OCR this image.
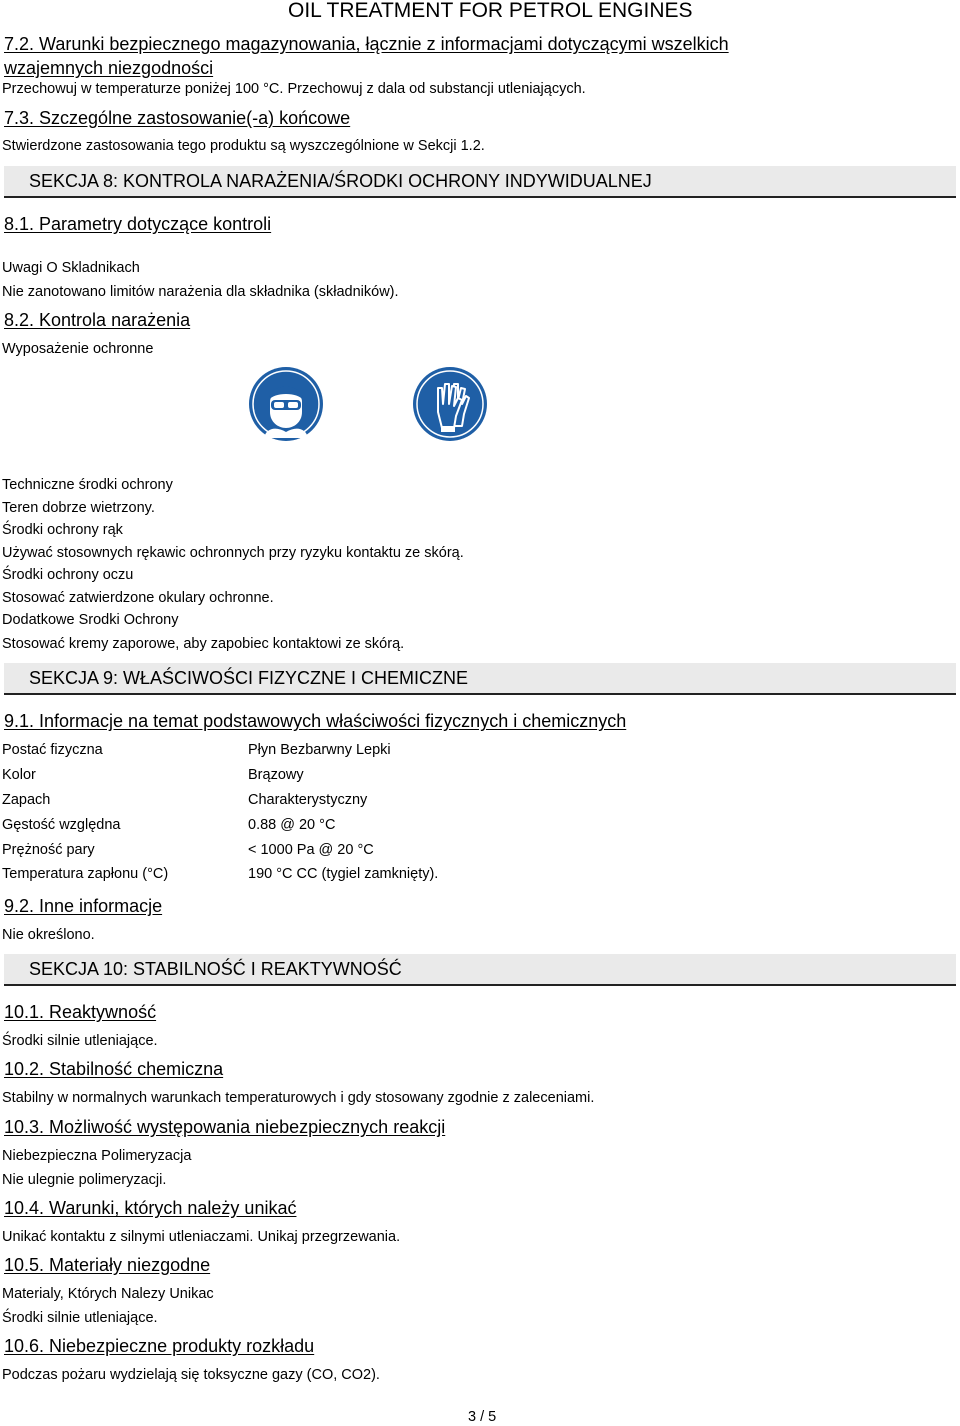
OIL TREATMENT FOR PETROL ENGINES
7.2. Warunki bezpiecznego magazynowania, łącznie z informacjami dotyczącymi wszelkich
wzajemnych niezgodności
Przechowuj w temperaturze poniżej 100 °C. Przechowuj z dala od substancji utleniających.
7.3. Szczególne zastosowanie(-a) końcowe
Stwierdzone zastosowania tego produktu są wyszczególnione w Sekcji 1.2.
SEKCJA 8: KONTROLA NARAŻENIA/ŚRODKI OCHRONY INDYWIDUALNEJ
8.1. Parametry dotyczące kontroli
Uwagi O Skladnikach
Nie zanotowano limitów narażenia dla składnika (składników).
8.2. Kontrola narażenia
Wyposażenie ochronne
Techniczne środki ochrony
Teren dobrze wietrzony.
Środki ochrony rąk
Używać stosownych rękawic ochronnych przy ryzyku kontaktu ze skórą.
Środki ochrony oczu
Stosować zatwierdzone okulary ochronne.
Dodatkowe Srodki Ochrony
Stosować kremy zaporowe, aby zapobiec kontaktowi ze skórą.
SEKCJA 9: WŁAŚCIWOŚCI FIZYCZNE I CHEMICZNE
9.1. Informacje na temat podstawowych właściwości fizycznych i chemicznych
Postać fizyczna	Płyn Bezbarwny Lepki
Kolor	Brązowy
Zapach	Charakterystyczny
Gęstość względna	0.88 @ 20 °C
Prężność pary	< 1000 Pa @ 20 °C
Temperatura zapłonu (°C)	190 °C CC (tygiel zamknięty).
9.2. Inne informacje
Nie określono.
SEKCJA 10: STABILNOŚĆ I REAKTYWNOŚĆ
10.1. Reaktywność
Środki silnie utleniające.
10.2. Stabilność chemiczna
Stabilny w normalnych warunkach temperaturowych i gdy stosowany zgodnie z zaleceniami.
10.3. Możliwość występowania niebezpiecznych reakcji
Niebezpieczna Polimeryzacja
Nie ulegnie polimeryzacji.
10.4. Warunki, których należy unikać
Unikać kontaktu z silnymi utleniaczami. Unikaj przegrzewania.
10.5. Materiały niezgodne
Materialy, Których Nalezy Unikac
Środki silnie utleniające.
10.6. Niebezpieczne produkty rozkładu
Podczas pożaru wydzielają się toksyczne gazy (CO, CO2).
3 / 5
